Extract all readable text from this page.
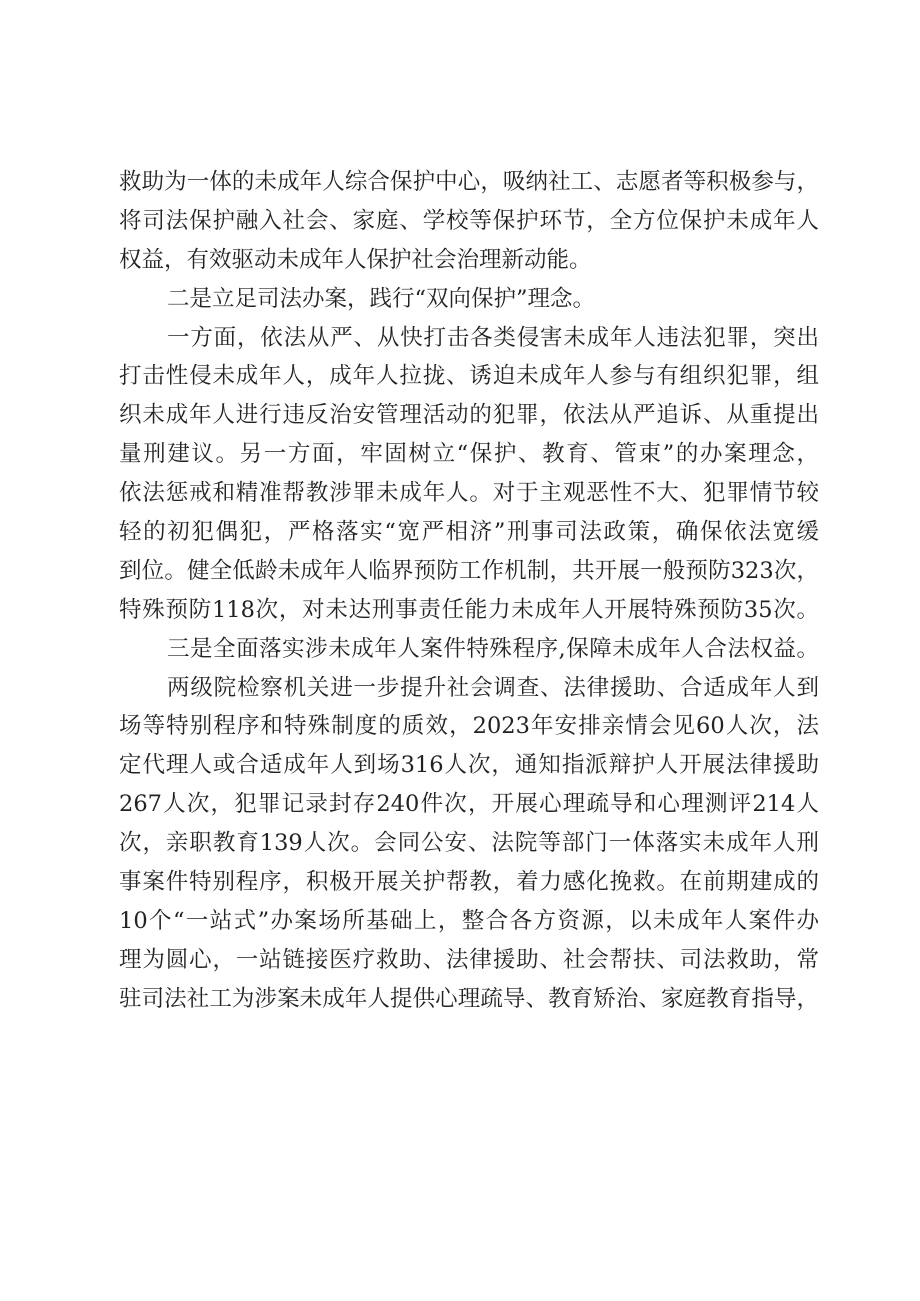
救助为一体的未成年人综合保护中心，吸纳社工、志愿者等积极参与，
将司法保护融入社会、家庭、学校等保护环节，全方位保护未成年人
权益，有效驱动未成年人保护社会治理新动能。
二是立足司法办案，践行“双向保护”理念。
一方面，依法从严、从快打击各类侵害未成年人违法犯罪，突出
打击性侵未成年人，成年人拉拢、诱迫未成年人参与有组织犯罪，组
织未成年人进行违反治安管理活动的犯罪，依法从严追诉、从重提出
量刑建议。另一方面，牢固树立“保护、教育、管束”的办案理念，
依法惩戒和精准帮教涉罪未成年人。对于主观恶性不大、犯罪情节较
轻的初犯偶犯，严格落实“宽严相济”刑事司法政策，确保依法宽缓
到位。健全低龄未成年人临界预防工作机制，共开展一般预防323次，
特殊预防118次，对未达刑事责任能力未成年人开展特殊预防35次。
三是全面落实涉未成年人案件特殊程序,保障未成年人合法权益。
两级院检察机关进一步提升社会调查、法律援助、合适成年人到
场等特别程序和特殊制度的质效，2023年安排亲情会见60人次，法
定代理人或合适成年人到场316人次，通知指派辩护人开展法律援助
267人次，犯罪记录封存240件次，开展心理疏导和心理测评214人
次，亲职教育139人次。会同公安、法院等部门一体落实未成年人刑
事案件特别程序，积极开展关护帮教，着力感化挽救。在前期建成的
10个“一站式”办案场所基础上，整合各方资源，以未成年人案件办
理为圆心，一站链接医疗救助、法律援助、社会帮扶、司法救助，常
驻司法社工为涉案未成年人提供心理疏导、教育矫治、家庭教育指导，
